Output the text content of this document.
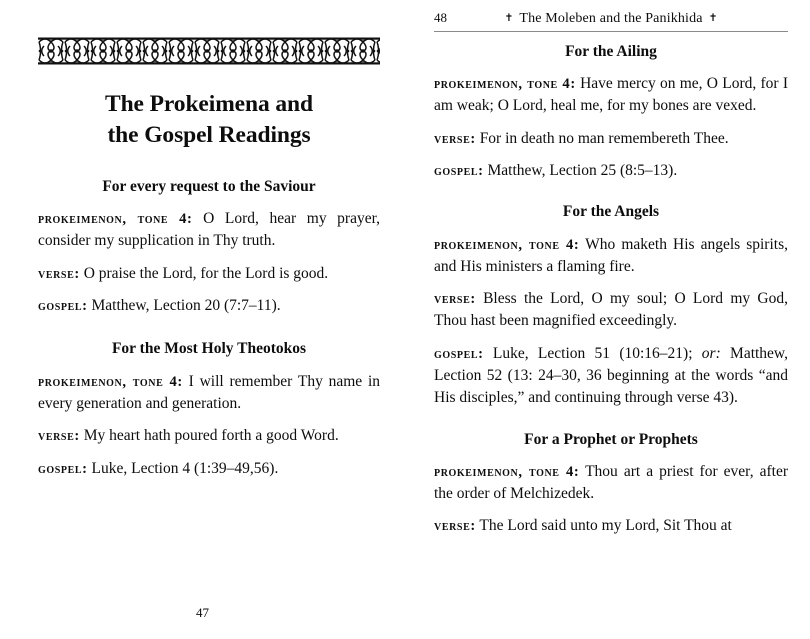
The Prokeimena and
the Gospel Readings
For every request to the Saviour

prokeimenon, tone 4: O Lord, hear my prayer, consider my supplication in Thy truth.

verse: O praise the Lord, for the Lord is good.

gospel: Matthew, Lection 20 (7:7–11).

For the Most Holy Theotokos

prokeimenon, tone 4: I will remember Thy name in every generation and generation.

verse: My heart hath poured forth a good Word.

gospel: Luke, Lection 4 (1:39–49,56).

47
48	✝ The Moleben and the Panikhida ✝
For the Ailing

prokeimenon, tone 4: Have mercy on me, O Lord, for I am weak; O Lord, heal me, for my bones are vexed.

verse: For in death no man remembereth Thee.

gospel: Matthew, Lection 25 (8:5–13).

For the Angels

prokeimenon, tone 4: Who maketh His angels spirits, and His ministers a flaming fire.

verse: Bless the Lord, O my soul; O Lord my God, Thou hast been magnified exceedingly.

gospel: Luke, Lection 51 (10:16–21); or: Matthew, Lection 52 (13: 24–30, 36 beginning at the words “and His disciples,” and continuing through verse 43).

For a Prophet or Prophets

prokeimenon, tone 4: Thou art a priest for ever, after the order of Melchizedek.

verse: The Lord said unto my Lord, Sit Thou at
